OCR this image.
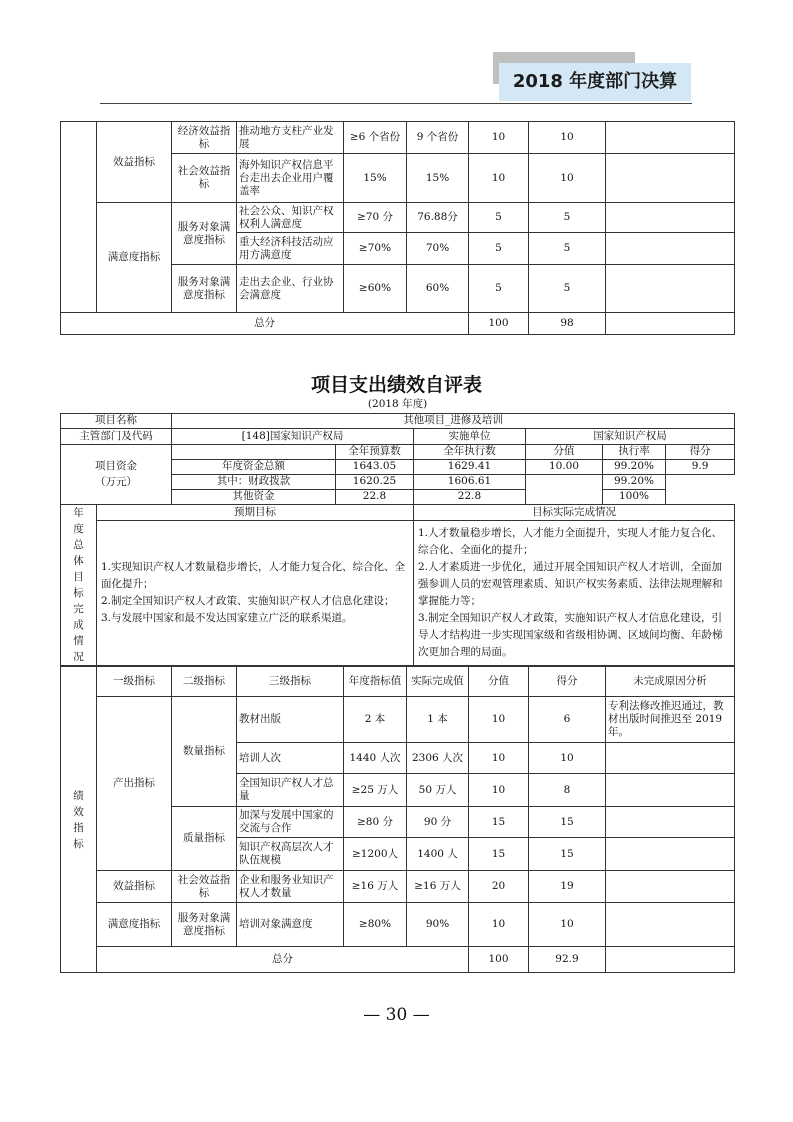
2018 年度部门决算
	效益指标	经济效益指标	推动地方支柱产业发展	≥6 个省份	9 个省份	10	10	
		社会效益指标	海外知识产权信息平台走出去企业用户覆盖率	15%	15%	10	10	
	满意度指标	服务对象满意度指标	社会公众、知识产权权利人满意度	≥70 分	76.88分	5	5	
			重大经济科技活动应用方满意度	≥70%	70%	5	5	
		服务对象满意度指标	走出去企业、行业协会满意度	≥60%	60%	5	5	
总分						100	98	
项目支出绩效自评表
(2018 年度)							
项目名称		其他项目_进修及培训					
主管部门及代码		[148]国家知识产权局		实施单位	国家知识产权局		
项目资金
（万元）			全年预算数	全年执行数	分值	执行率	得分
		年度资金总额	1643.05	1629.41	10.00	99.20%	9.9
		其中：财政拨款	1620.25	1606.61		99.20%	
		其他资金	22.8	22.8		100%	
年度总体目标完成情况	预期目标			目标实际完成情况			
	1.实现知识产权人才数量稳步增长，人才能力复合化、综合化、全面化提升；
2.制定全国知识产权人才政策、实施知识产权人才信息化建设；
3.与发展中国家和最不发达国家建立广泛的联系渠道。			1.人才数量稳步增长，人才能力全面提升，实现人才能力复合化、综合化、全面化的提升；
2.人才素质进一步优化，通过开展全国知识产权人才培训，全面加强参训人员的宏观管理素质、知识产权实务素质、法律法规理解和掌握能力等；
3.制定全国知识产权人才政策，实施知识产权人才信息化建设，引导人才结构进一步实现国家级和省级相协调、区域间均衡、年龄梯次更加合理的局面。			
绩效指标	一级指标	二级指标	三级指标	年度指标值	实际完成值	分值	得分	未完成原因分析
	产出指标	数量指标	教材出版	2 本	1 本	10	6	专利法修改推迟通过，教材出版时间推迟至 2019 年。
			培训人次	1440 人次	2306 人次	10	10	
			全国知识产权人才总量	≥25 万人	50 万人	10	8	
		质量指标	加深与发展中国家的交流与合作	≥80 分	90 分	15	15	
			知识产权高层次人才队伍规模	≥1200人	1400 人	15	15	
	效益指标	社会效益指标	企业和服务业知识产权人才数量	≥16 万人	≥16 万人	20	19	
	满意度指标	服务对象满意度指标	培训对象满意度	≥80%	90%	10	10	
	总分					100	92.9	
— 30 —
